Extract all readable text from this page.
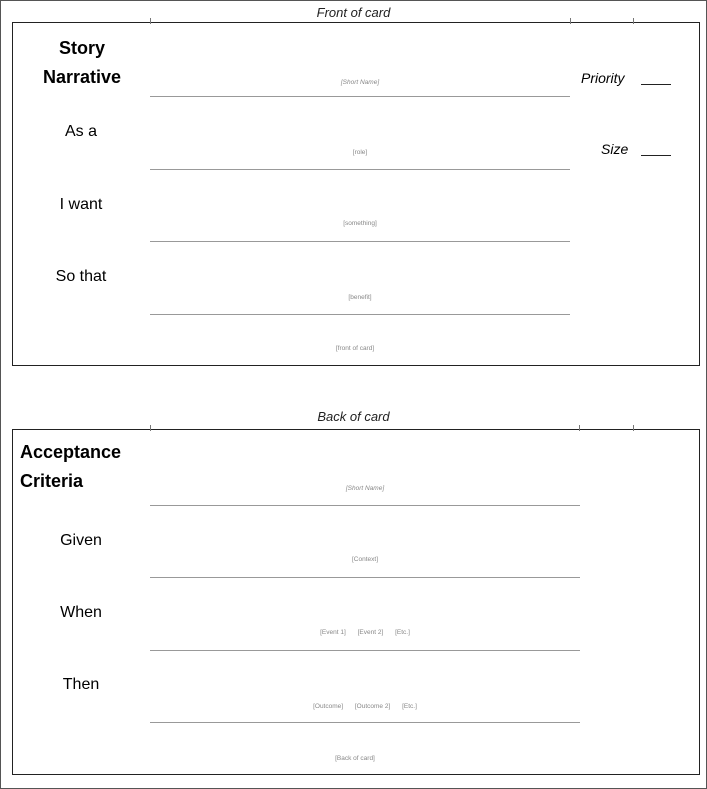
Front of card
Story
Narrative	[Short Name]
As a
[role]
I want
[something]
So that
[benefit]
[front of card]
Priority
Size
Back of card
Acceptance
Criteria	[Short Name]
Given
[Context]
When
[Event 1] [Event 2] [Etc.]
Then
[Outcome] [Outcome 2] [Etc.]
[Back of card]
